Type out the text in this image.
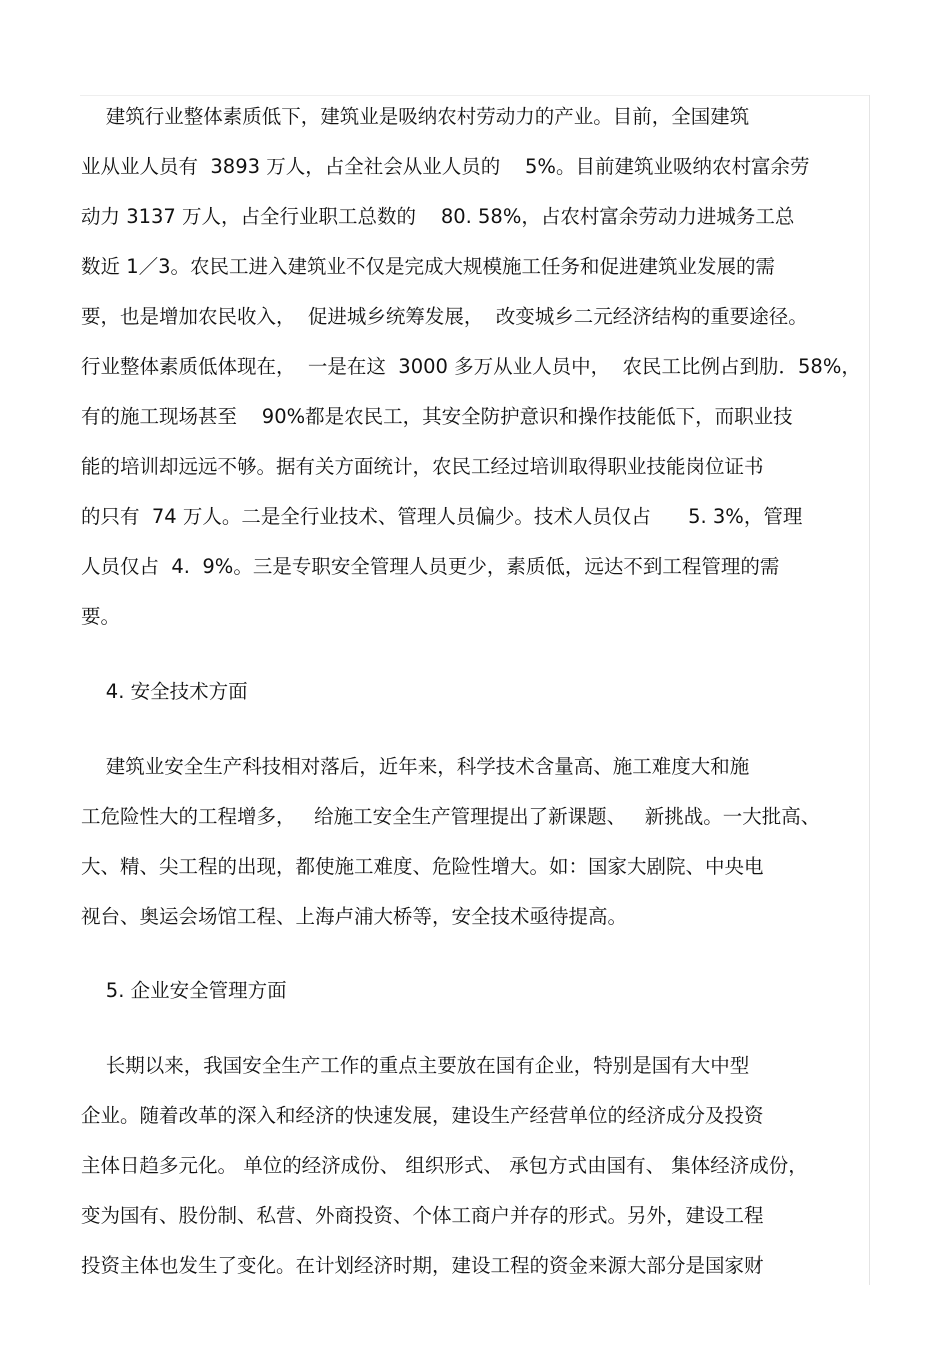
建筑行业整体素质低下，建筑业是吸纳农村劳动力的产业。目前，全国建筑
业从业人员有  3893 万人，占全社会从业人员的    5%。目前建筑业吸纳农村富余劳
动力 3137 万人，占全行业职工总数的    80. 58%，占农村富余劳动力进城务工总
数近 1／3。农民工进入建筑业不仅是完成大规模施工任务和促进建筑业发展的需
要，也是增加农民收入，  促进城乡统筹发展，  改变城乡二元经济结构的重要途径。
行业整体素质低体现在，  一是在这  3000 多万从业人员中，  农民工比例占到肋．58%，
有的施工现场甚至    90%都是农民工，其安全防护意识和操作技能低下，而职业技
能的培训却远远不够。据有关方面统计，农民工经过培训取得职业技能岗位证书
的只有  74 万人。二是全行业技术、管理人员偏少。技术人员仅占      5. 3%，管理
人员仅占  4.  9%。三是专职安全管理人员更少，素质低，远达不到工程管理的需
要。
4. 安全技术方面
建筑业安全生产科技相对落后，近年来，科学技术含量高、施工难度大和施
工危险性大的工程增多，   给施工安全生产管理提出了新课题、   新挑战。一大批高、
大、精、尖工程的出现，都使施工难度、危险性增大。如：国家大剧院、中央电
视台、奥运会场馆工程、上海卢浦大桥等，安全技术亟待提高。
5. 企业安全管理方面
长期以来，我国安全生产工作的重点主要放在国有企业，特别是国有大中型
企业。随着改革的深入和经济的快速发展，建设生产经营单位的经济成分及投资
主体日趋多元化。 单位的经济成份、 组织形式、 承包方式由国有、 集体经济成份，
变为国有、股份制、私营、外商投资、个体工商户并存的形式。另外，建设工程
投资主体也发生了变化。在计划经济时期，建设工程的资金来源大部分是国家财
